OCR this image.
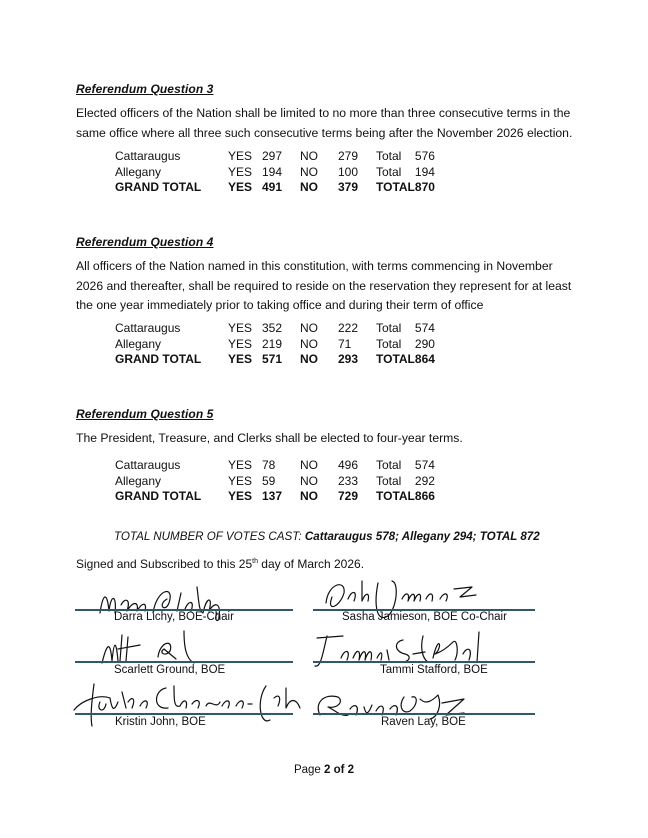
Referendum Question 3
Elected officers of the Nation shall be limited to no more than three consecutive terms in the same office where all three such consecutive terms being after the November 2026 election.
Cattaraugus	YES	297	NO	279	Total	576
Allegany	YES	194	NO	100	Total	194
GRAND TOTAL	YES	491	NO	379	TOTAL	870
Referendum Question 4
All officers of the Nation named in this constitution, with terms commencing in November 2026 and thereafter, shall be required to reside on the reservation they represent for at least the one year immediately prior to taking office and during their term of office
Cattaraugus	YES	352	NO	222	Total	574
Allegany	YES	219	NO	71	Total	290
GRAND TOTAL	YES	571	NO	293	TOTAL	864
Referendum Question 5
The President, Treasure, and Clerks shall be elected to four-year terms.
Cattaraugus	YES	78	NO	496	Total	574
Allegany	YES	59	NO	233	Total	292
GRAND TOTAL	YES	137	NO	729	TOTAL	866
TOTAL NUMBER OF VOTES CAST: Cattaraugus 578; Allegany 294; TOTAL 872
Signed and Subscribed to this 25th day of March 2026.
Darra Lichy, BOE-Chair
Scarlett Ground, BOE
Kristin John, BOE
Sasha Jamieson, BOE Co-Chair
Tammi Stafford, BOE
Raven Lay, BOE
Page 2 of 2
